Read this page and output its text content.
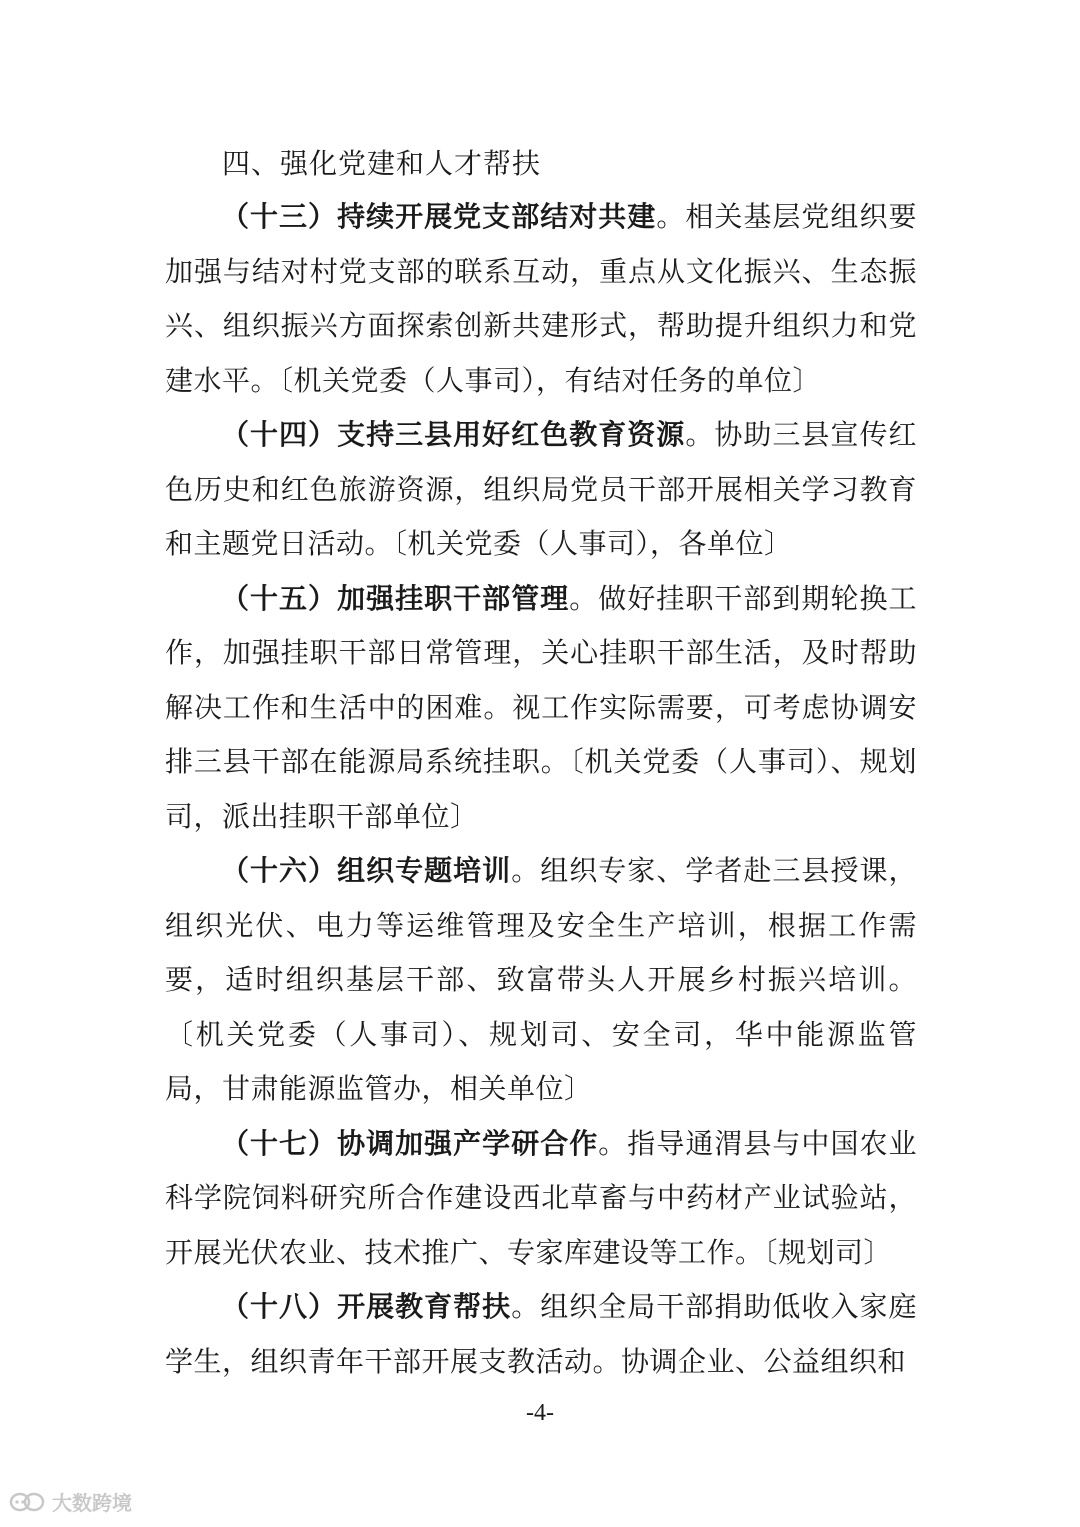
四、强化党建和人才帮扶

（十三）持续开展党支部结对共建。相关基层党组织要加强与结对村党支部的联系互动，重点从文化振兴、生态振兴、组织振兴方面探索创新共建形式，帮助提升组织力和党建水平。〔机关党委（人事司），有结对任务的单位〕

（十四）支持三县用好红色教育资源。协助三县宣传红色历史和红色旅游资源，组织局党员干部开展相关学习教育和主题党日活动。〔机关党委（人事司），各单位〕

（十五）加强挂职干部管理。做好挂职干部到期轮换工作，加强挂职干部日常管理，关心挂职干部生活，及时帮助解决工作和生活中的困难。视工作实际需要，可考虑协调安排三县干部在能源局系统挂职。〔机关党委（人事司）、规划司，派出挂职干部单位〕

（十六）组织专题培训。组织专家、学者赴三县授课，组织光伏、电力等运维管理及安全生产培训，根据工作需要，适时组织基层干部、致富带头人开展乡村振兴培训。〔机关党委（人事司）、规划司、安全司，华中能源监管局，甘肃能源监管办，相关单位〕

（十七）协调加强产学研合作。指导通渭县与中国农业科学院饲料研究所合作建设西北草畜与中药材产业试验站，开展光伏农业、技术推广、专家库建设等工作。〔规划司〕

（十八）开展教育帮扶。组织全局干部捐助低收入家庭学生，组织青年干部开展支教活动。协调企业、公益组织和

-4-
大数跨境
